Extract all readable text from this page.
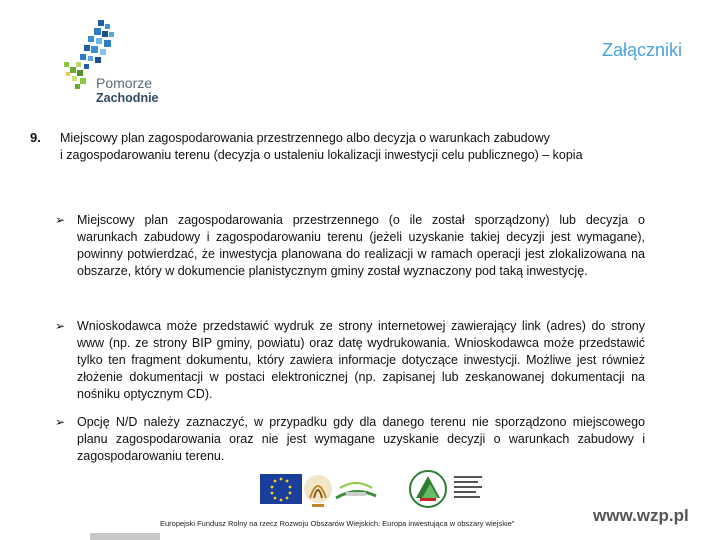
Pomorze
Zachodnie
Załączniki
9. Miejscowy plan zagospodarowania przestrzennego albo decyzja o warunkach zabudowy
i zagospodarowaniu terenu (decyzja o ustaleniu lokalizacji inwestycji celu publicznego) – kopia
➢ Miejscowy plan zagospodarowania przestrzennego (o ile został sporządzony) lub decyzja o warunkach zabudowy i zagospodarowaniu terenu (jeżeli uzyskanie takiej decyzji jest wymagane), powinny potwierdzać, że inwestycja planowana do realizacji w ramach operacji jest zlokalizowana na obszarze, który w dokumencie planistycznym gminy został wyznaczony pod taką inwestycję.
➢ Wnioskodawca może przedstawić wydruk ze strony internetowej zawierający link (adres) do strony www (np. ze strony BIP gminy, powiatu) oraz datę wydrukowania. Wnioskodawca może przedstawić tylko ten fragment dokumentu, który zawiera informacje dotyczące inwestycji. Możliwe jest również złożenie dokumentacji w postaci elektronicznej (np. zapisanej lub zeskanowanej dokumentacji na nośniku optycznym CD).
➢ Opcję N/D należy zaznaczyć, w przypadku gdy dla danego terenu nie sporządzono miejscowego planu zagospodarowania oraz nie jest wymagane uzyskanie decyzji o warunkach zabudowy i zagospodarowaniu terenu.
Europejski Fundusz Rolny na rzecz Rozwoju Obszarów Wiejskich: Europa inwestująca w obszary wiejskie”	www.wzp.pl
